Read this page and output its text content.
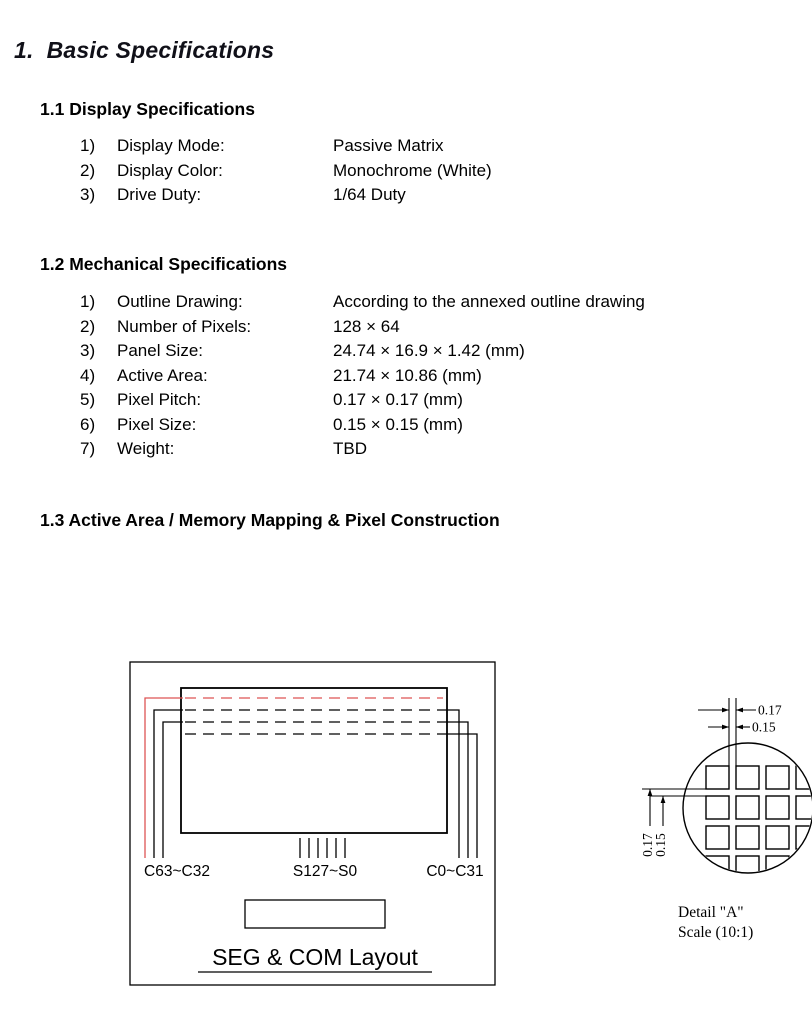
1. Basic Specifications
1.1 Display Specifications
1)	Display Mode:	Passive Matrix
2)	Display Color:	Monochrome (White)
3)	Drive Duty:	1/64 Duty
1.2 Mechanical Specifications
1)	Outline Drawing:	According to the annexed outline drawing
2)	Number of Pixels:	128 × 64
3)	Panel Size:	24.74 × 16.9 × 1.42 (mm)
4)	Active Area:	21.74 × 10.86 (mm)
5)	Pixel Pitch:	0.17 × 0.17 (mm)
6)	Pixel Size:	0.15 × 0.15 (mm)
7)	Weight:	TBD
1.3 Active Area / Memory Mapping & Pixel Construction
C63~C32	S127~S0	C0~C31
SEG & COM Layout
0.17
0.15
0.17
0.15
Detail "A"
Scale (10:1)
